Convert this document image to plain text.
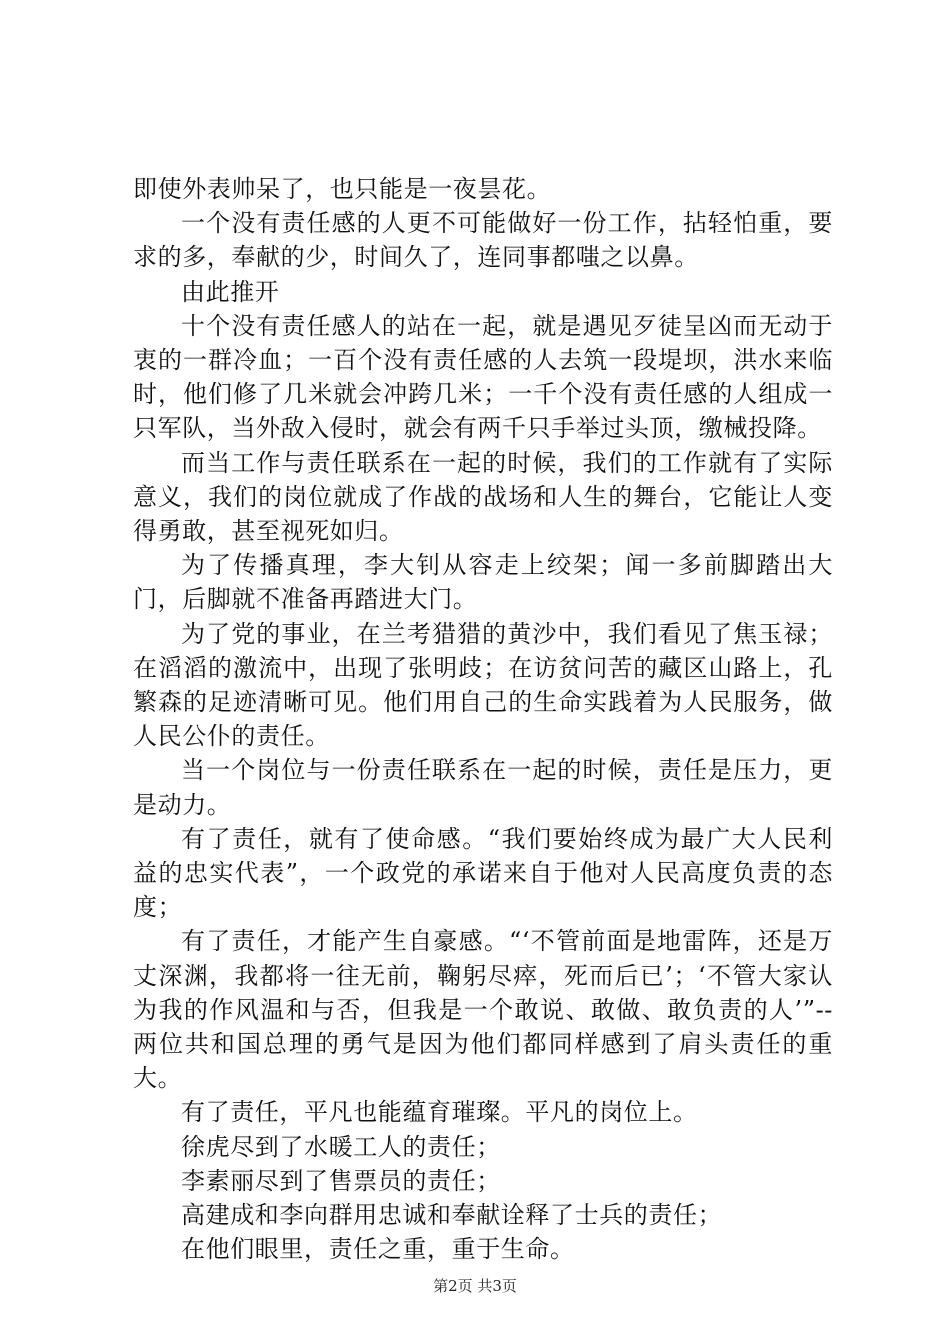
即使外表帅呆了，也只能是一夜昙花。

一个没有责任感的人更不可能做好一份工作，拈轻怕重，要求的多，奉献的少，时间久了，连同事都嗤之以鼻。

由此推开

十个没有责任感人的站在一起，就是遇见歹徒呈凶而无动于衷的一群冷血；一百个没有责任感的人去筑一段堤坝，洪水来临时，他们修了几米就会冲跨几米；一千个没有责任感的人组成一只军队，当外敌入侵时，就会有两千只手举过头顶，缴械投降。

而当工作与责任联系在一起的时候，我们的工作就有了实际意义，我们的岗位就成了作战的战场和人生的舞台，它能让人变得勇敢，甚至视死如归。

为了传播真理，李大钊从容走上绞架；闻一多前脚踏出大门，后脚就不准备再踏进大门。

为了党的事业，在兰考猎猎的黄沙中，我们看见了焦玉禄；在滔滔的激流中，出现了张明歧；在访贫问苦的藏区山路上，孔繁森的足迹清晰可见。他们用自己的生命实践着为人民服务，做人民公仆的责任。

当一个岗位与一份责任联系在一起的时候，责任是压力，更是动力。

有了责任，就有了使命感。“我们要始终成为最广大人民利益的忠实代表”，一个政党的承诺来自于他对人民高度负责的态度；

有了责任，才能产生自豪感。“‘不管前面是地雷阵，还是万丈深渊，我都将一往无前，鞠躬尽瘁，死而后已’；‘不管大家认为我的作风温和与否，但我是一个敢说、敢做、敢负责的人’”--两位共和国总理的勇气是因为他们都同样感到了肩头责任的重大。

有了责任，平凡也能蕴育璀璨。平凡的岗位上。

徐虎尽到了水暖工人的责任；

李素丽尽到了售票员的责任；

高建成和李向群用忠诚和奉献诠释了士兵的责任；

在他们眼里，责任之重，重于生命。

第2页 共3页
